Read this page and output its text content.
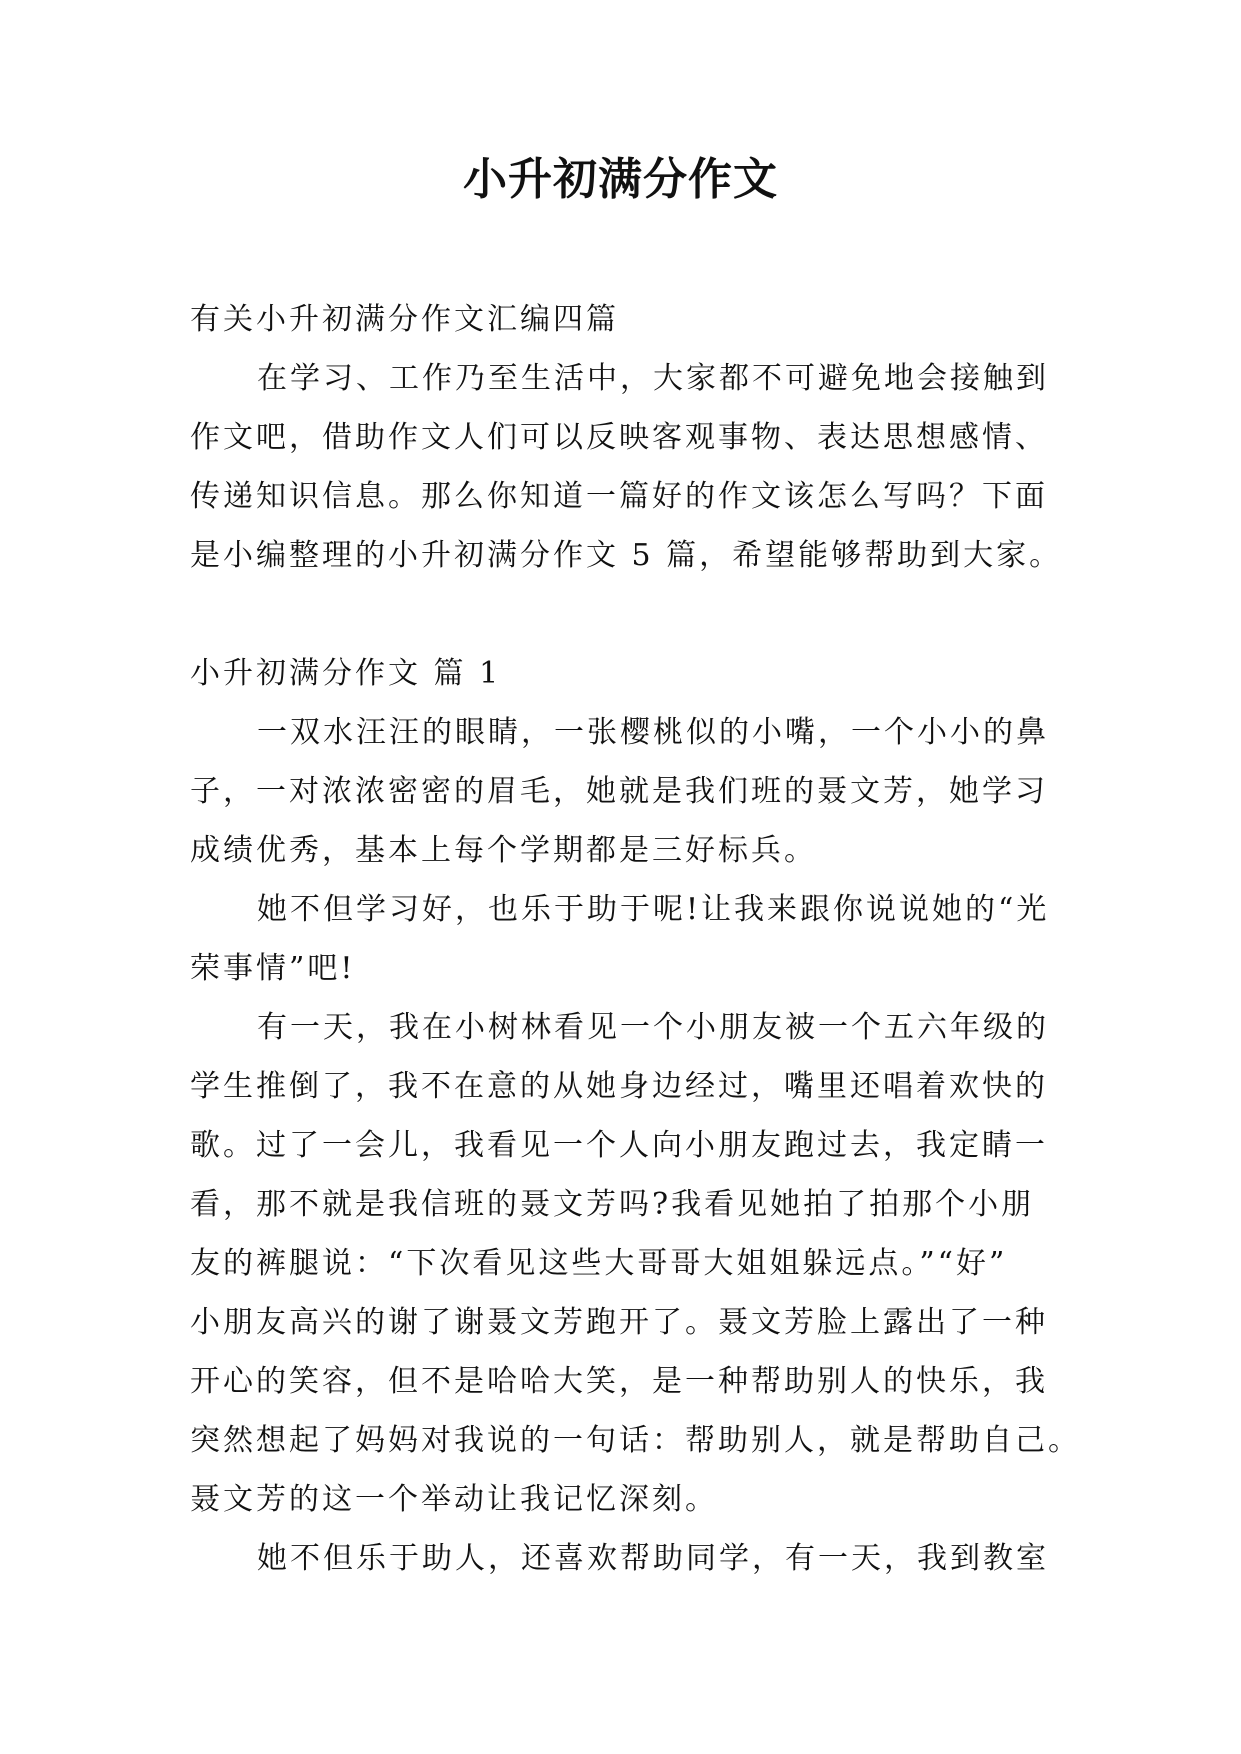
小升初满分作文
有关小升初满分作文汇编四篇
在学习、工作乃至生活中，大家都不可避免地会接触到
作文吧，借助作文人们可以反映客观事物、表达思想感情、
传递知识信息。那么你知道一篇好的作文该怎么写吗？下面
是小编整理的小升初满分作文 5 篇，希望能够帮助到大家。
小升初满分作文 篇 1
一双水汪汪的眼睛，一张樱桃似的小嘴，一个小小的鼻
子，一对浓浓密密的眉毛，她就是我们班的聂文芳，她学习
成绩优秀，基本上每个学期都是三好标兵。
她不但学习好，也乐于助于呢!让我来跟你说说她的“光
荣事情”吧!
有一天，我在小树林看见一个小朋友被一个五六年级的
学生推倒了，我不在意的从她身边经过，嘴里还唱着欢快的
歌。过了一会儿，我看见一个人向小朋友跑过去，我定睛一
看，那不就是我信班的聂文芳吗?我看见她拍了拍那个小朋
友的裤腿说：“下次看见这些大哥哥大姐姐躲远点。”“好”
小朋友高兴的谢了谢聂文芳跑开了。聂文芳脸上露出了一种
开心的笑容，但不是哈哈大笑，是一种帮助别人的快乐，我
突然想起了妈妈对我说的一句话：帮助别人，就是帮助自己。
聂文芳的这一个举动让我记忆深刻。
她不但乐于助人，还喜欢帮助同学，有一天，我到教室
